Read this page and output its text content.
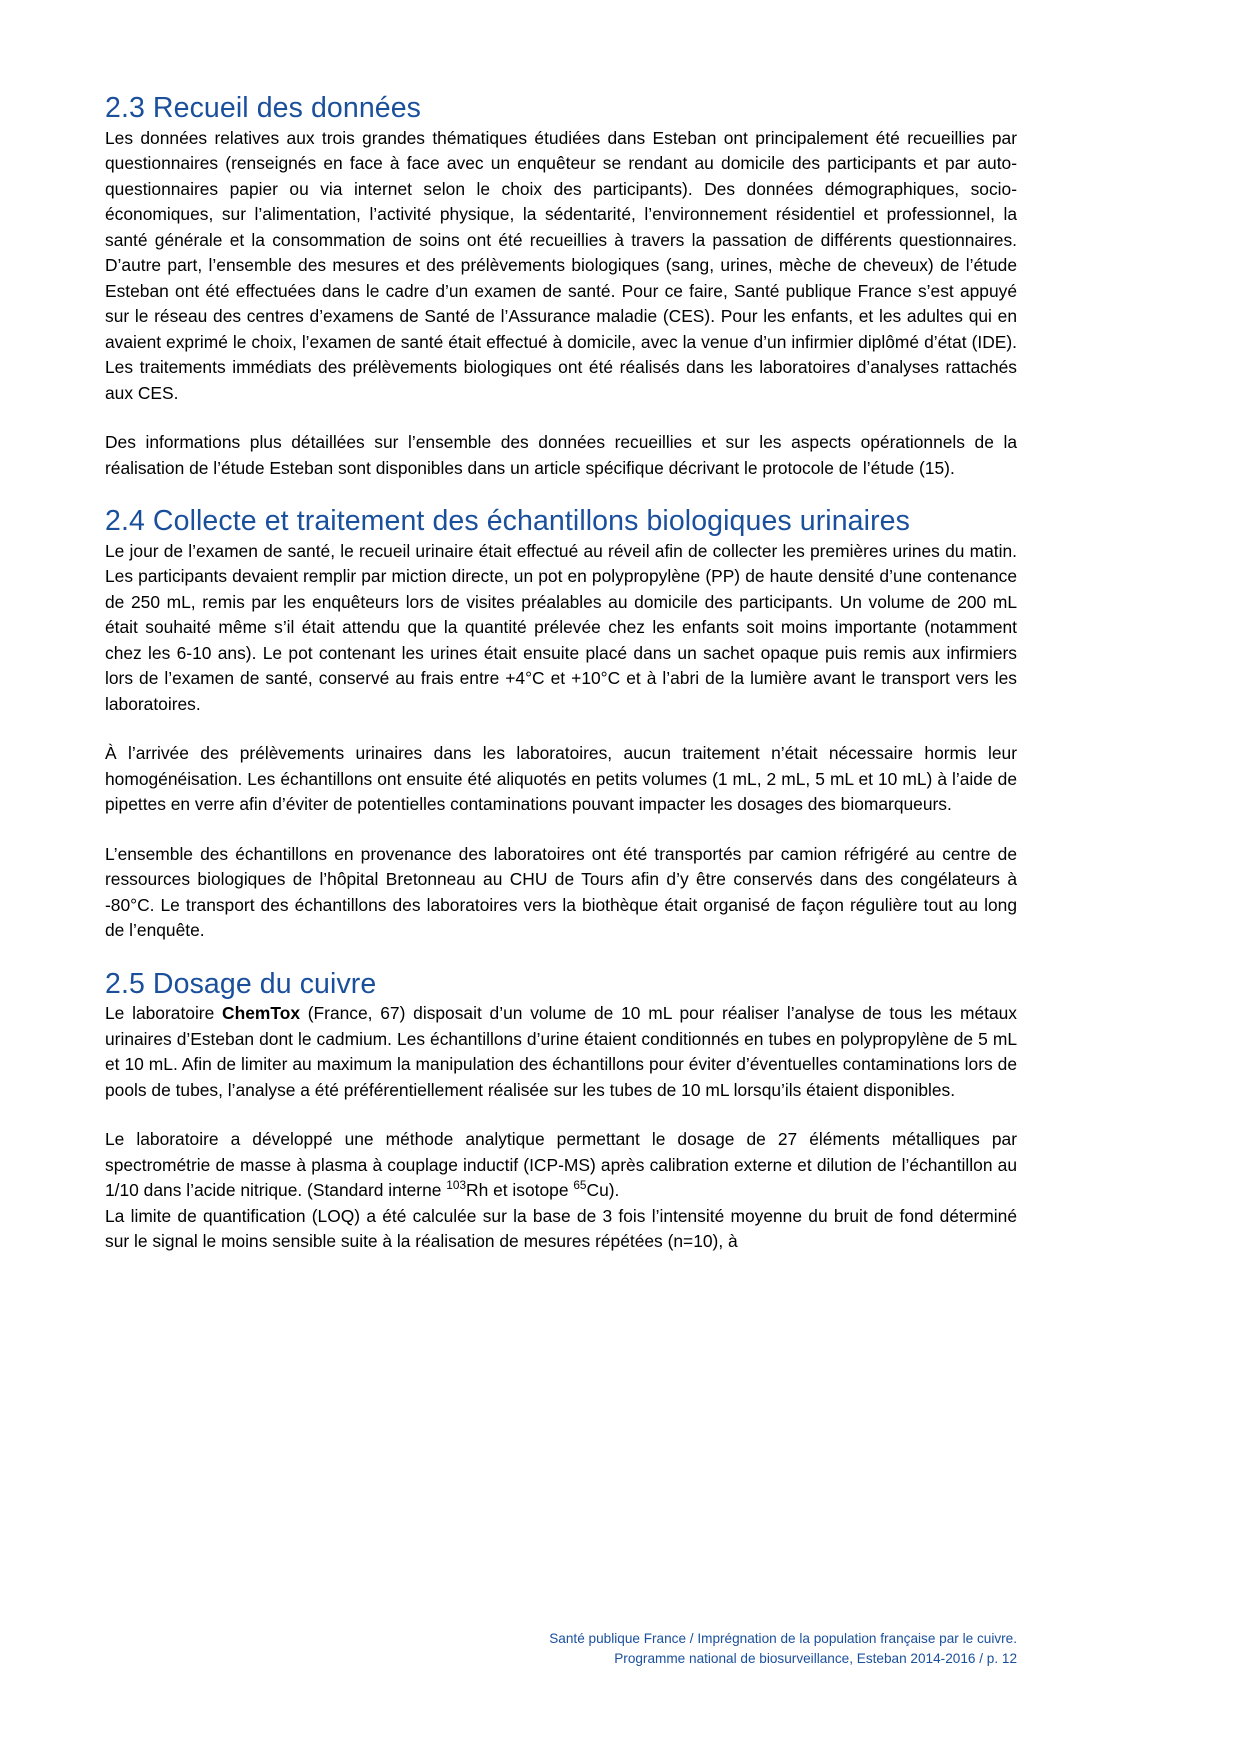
2.3 Recueil des données

Les données relatives aux trois grandes thématiques étudiées dans Esteban ont principalement été recueillies par questionnaires (renseignés en face à face avec un enquêteur se rendant au domicile des participants et par auto-questionnaires papier ou via internet selon le choix des participants). Des données démographiques, socio-économiques, sur l’alimentation, l’activité physique, la sédentarité, l’environnement résidentiel et professionnel, la santé générale et la consommation de soins ont été recueillies à travers la passation de différents questionnaires. D’autre part, l’ensemble des mesures et des prélèvements biologiques (sang, urines, mèche de cheveux) de l’étude Esteban ont été effectuées dans le cadre d’un examen de santé. Pour ce faire, Santé publique France s’est appuyé sur le réseau des centres d’examens de Santé de l’Assurance maladie (CES). Pour les enfants, et les adultes qui en avaient exprimé le choix, l’examen de santé était effectué à domicile, avec la venue d’un infirmier diplômé d’état (IDE). Les traitements immédiats des prélèvements biologiques ont été réalisés dans les laboratoires d’analyses rattachés aux CES.

Des informations plus détaillées sur l’ensemble des données recueillies et sur les aspects opérationnels de la réalisation de l’étude Esteban sont disponibles dans un article spécifique décrivant le protocole de l’étude (15).

2.4 Collecte et traitement des échantillons biologiques urinaires

Le jour de l’examen de santé, le recueil urinaire était effectué au réveil afin de collecter les premières urines du matin. Les participants devaient remplir par miction directe, un pot en polypropylène (PP) de haute densité d’une contenance de 250 mL, remis par les enquêteurs lors de visites préalables au domicile des participants. Un volume de 200 mL était souhaité même s’il était attendu que la quantité prélevée chez les enfants soit moins importante (notamment chez les 6-10 ans). Le pot contenant les urines était ensuite placé dans un sachet opaque puis remis aux infirmiers lors de l’examen de santé, conservé au frais entre +4°C et +10°C et à l’abri de la lumière avant le transport vers les laboratoires.

À l’arrivée des prélèvements urinaires dans les laboratoires, aucun traitement n’était nécessaire hormis leur homogénéisation. Les échantillons ont ensuite été aliquotés en petits volumes (1 mL, 2 mL, 5 mL et 10 mL) à l’aide de pipettes en verre afin d’éviter de potentielles contaminations pouvant impacter les dosages des biomarqueurs.

L’ensemble des échantillons en provenance des laboratoires ont été transportés par camion réfrigéré au centre de ressources biologiques de l’hôpital Bretonneau au CHU de Tours afin d’y être conservés dans des congélateurs à -80°C. Le transport des échantillons des laboratoires vers la biothèque était organisé de façon régulière tout au long de l’enquête.

2.5 Dosage du cuivre

Le laboratoire ChemTox (France, 67) disposait d’un volume de 10 mL pour réaliser l’analyse de tous les métaux urinaires d’Esteban dont le cadmium. Les échantillons d’urine étaient conditionnés en tubes en polypropylène de 5 mL et 10 mL. Afin de limiter au maximum la manipulation des échantillons pour éviter d’éventuelles contaminations lors de pools de tubes, l’analyse a été préférentiellement réalisée sur les tubes de 10 mL lorsqu’ils étaient disponibles.

Le laboratoire a développé une méthode analytique permettant le dosage de 27 éléments métalliques par spectrométrie de masse à plasma à couplage inductif (ICP-MS) après calibration externe et dilution de l’échantillon au 1/10 dans l’acide nitrique. (Standard interne $^{103}$Rh et isotope $^{65}$Cu).

La limite de quantification (LOQ) a été calculée sur la base de 3 fois l’intensité moyenne du bruit de fond déterminé sur le signal le moins sensible suite à la réalisation de mesures répétées (n=10), à

Santé publique France / Imprégnation de la population française par le cuivre.
Programme national de biosurveillance, Esteban 2014-2016 / p. 12
